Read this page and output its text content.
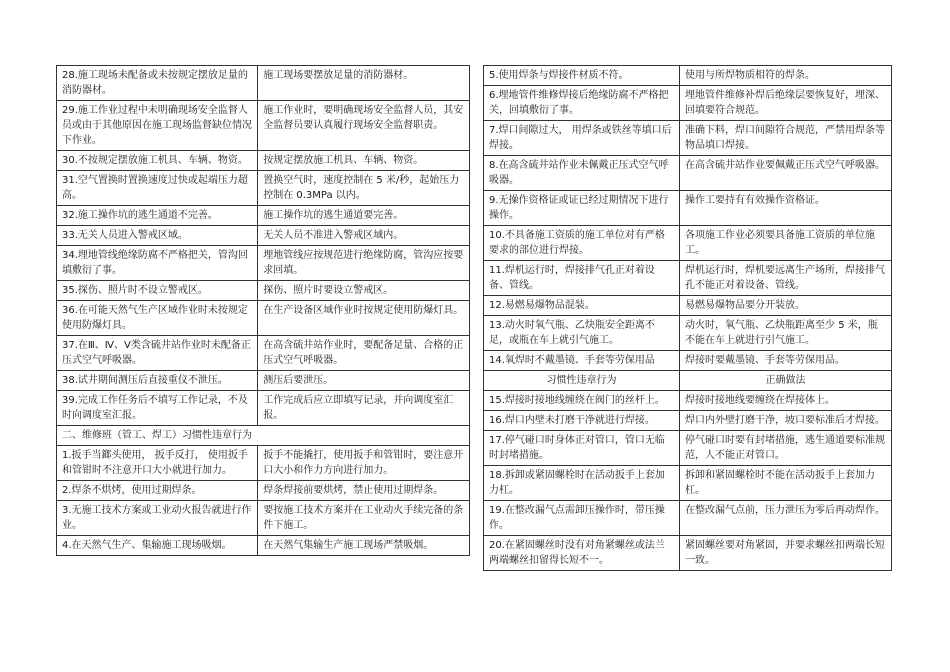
28.施工现场未配备或未按规定摆放足量的消防器材。	施工现场要摆放足量的消防器材。
29.施工作业过程中未明确现场安全监督人员或由于其他原因在施工现场监督缺位情况下作业。	施工作业时，要明确现场安全监督人员，其安全监督员要认真履行现场安全监督职责。
30.不按规定摆放施工机具、车辆、物资。	按规定摆放施工机具、车辆、物资。
31.空气置换时置换速度过快或起端压力超高。	置换空气时，速度控制在 5 米/秒，起始压力控制在 0.3MPa 以内。
32.施工操作坑的逃生通道不完善。	施工操作坑的逃生通道要完善。
33.无关人员进入警戒区域。	无关人员不准进入警戒区域内。
34.埋地管线绝缘防腐不严格把关，管沟回填敷衍了事。	埋地管线应按规范进行绝缘防腐，管沟应按要求回填。
35.探伤、照片时不设立警戒区。	探伤、照片时要设立警戒区。
36.在可能天然气生产区域作业时未按规定使用防爆灯具。	在生产设备区域作业时按规定使用防爆灯具。
37.在Ⅲ、Ⅳ、Ⅴ类含硫井站作业时未配备正压式空气呼吸器。	在高含硫井站作业时，要配备足量、合格的正压式空气呼吸器。
38.试井期间测压后直接重仪不泄压。	测压后要泄压。
39.完成工作任务后不填写工作记录，不及时向调度室汇报。	工作完成后应立即填写记录，并向调度室汇报。
二、维修班（管工、焊工）习惯性违章行为	
1.扳手当鎯头使用， 扳手反打， 使用扳手和管钳时不注意开口大小就进行加力。	扳手不能撬打，使用扳手和管钳时，要注意开口大小和作力方向进行加力。
2.焊条不烘烤，使用过期焊条。	焊条焊接前要烘烤，禁止使用过期焊条。
3.无施工技术方案或工业动火报告就进行作业。	要按施工技术方案并在工业动火手续完备的条件下施工。
4.在天然气生产、集输施工现场吸烟。	在天然气集输生产施工现场严禁吸烟。
5.使用焊条与焊接件材质不符。	使用与所焊物质相符的焊条。
6.埋地管件维修焊接后绝缘防腐不严格把关，回填敷衍了事。	埋地管件维修补焊后绝缘层要恢复好，埋深、回填要符合规范。
7.焊口间隙过大， 用焊条或铁丝等填口后焊接。	准确下料，焊口间隙符合规范，严禁用焊条等物品填口焊接。
8.在高含硫井站作业未佩戴正压式空气呼吸器。	在高含硫井站作业要佩戴正压式空气呼吸器。
9.无操作资格证或证已经过期情况下进行操作。	操作工要持有有效操作资格证。
10.不具备施工资质的施工单位对有严格要求的部位进行焊接。	各项施工作业必须要具备施工资质的单位施工。
11.焊机运行时，焊接排气孔正对着设备、管线。	焊机运行时，焊机要远离生产场所，焊接排气孔不能正对着设备、管线。
12.易燃易爆物品混装。	易燃易爆物品要分开装放。
13.动火时氧气瓶、乙炔瓶安全距离不足，或瓶在车上就引气施工。	动火时，氧气瓶、乙炔瓶距离至少 5 米，瓶不能在车上就进行引气施工。
14.氧焊时不戴墨镜、手套等劳保用品	焊接时要戴墨镜、手套等劳保用品。
习惯性违章行为	正确做法
15.焊接时接地线缠绕在阀门的丝杆上。	焊接时接地线要缠绕在焊接体上。
16.焊口内壁未打磨干净就进行焊接。	焊口内外壁打磨干净，坡口要标准后才焊接。
17.停气碰口时身体正对管口，管口无临时封堵措施。	停气碰口时要有封堵措施，逃生通道要标准规范，人不能正对管口。
18.拆卸或紧固螺栓时在活动扳手上套加力杠。	拆卸和紧固螺栓时不能在活动扳手上套加力杠。
19.在整改漏气点需卸压操作时，带压操作。	在整改漏气点前，压力泄压为零后再动焊作。
20.在紧固螺丝时没有对角紧螺丝或法兰两端螺丝扣留得长短不一。	紧固螺丝要对角紧固，并要求螺丝扣两端长短一致。
